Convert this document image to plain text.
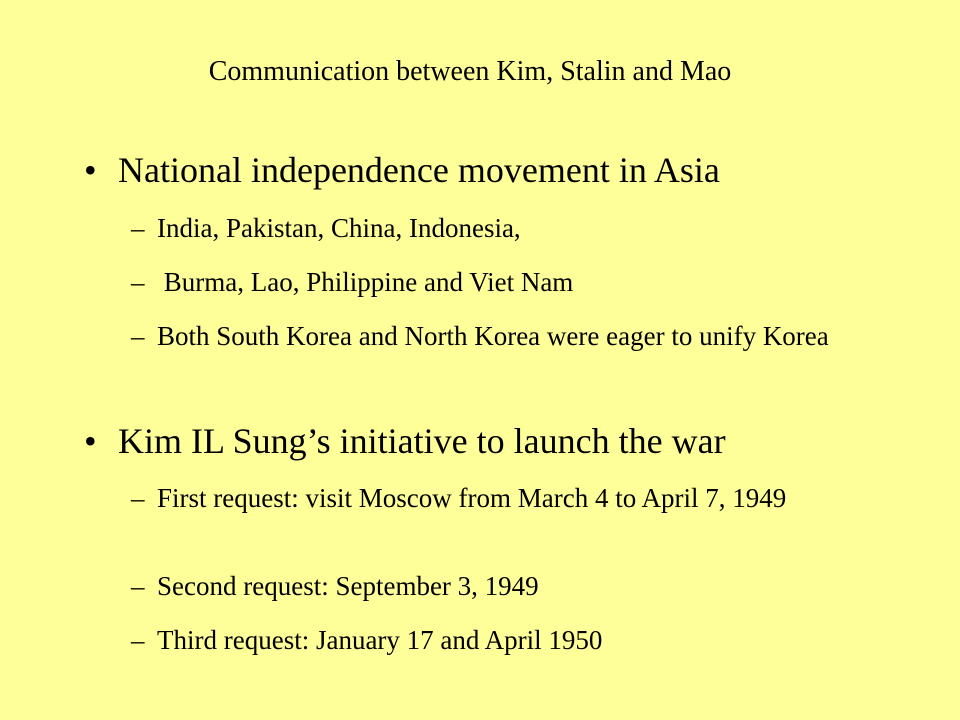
Communication between Kim, Stalin and Mao
• National independence movement in Asia
– India, Pakistan, China, Indonesia,
– Burma, Lao, Philippine and Viet Nam
– Both South Korea and North Korea were eager to unify Korea
• Kim IL Sung’s initiative to launch the war
– First request: visit Moscow from March 4 to April 7, 1949
– Second request: September 3, 1949
– Third request: January 17 and April 1950
